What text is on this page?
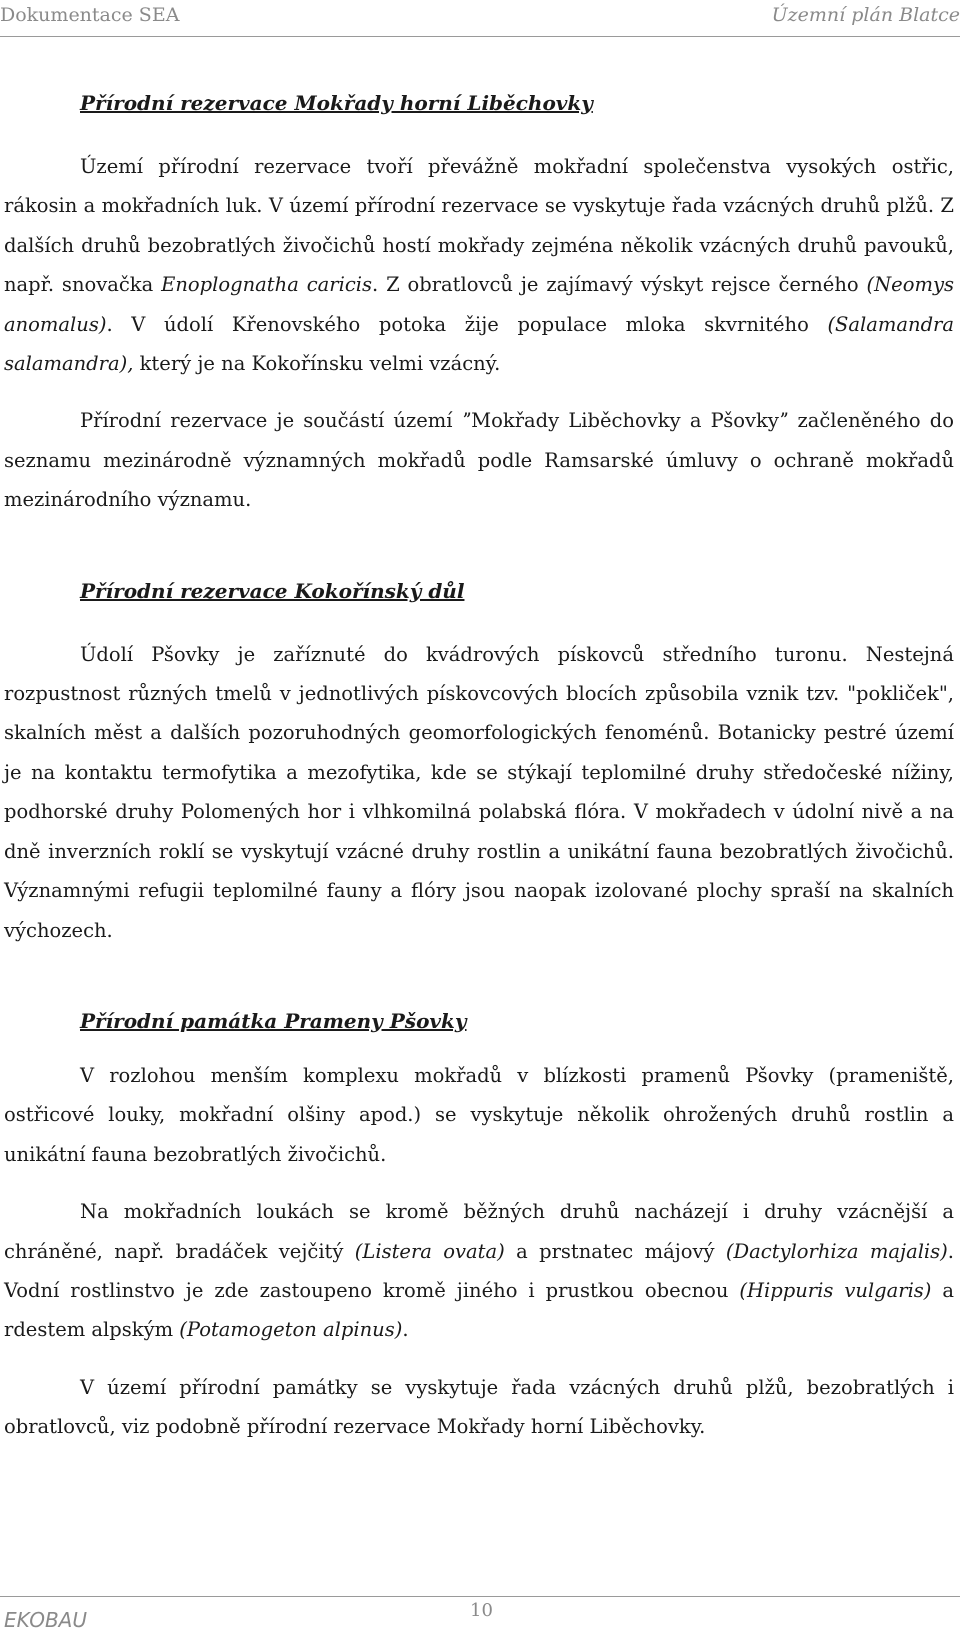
Dokumentace SEA	Územní plán Blatce
Přírodní rezervace Mokřady horní Liběchovky

Území přírodní rezervace tvoří převážně mokřadní společenstva vysokých ostřic, rákosin a mokřadních luk. V území přírodní rezervace se vyskytuje řada vzácných druhů plžů. Z dalších druhů bezobratlých živočichů hostí mokřady zejména několik vzácných druhů pavouků, např. snovačka Enoplognatha caricis. Z obratlovců je zajímavý výskyt rejsce černého (Neomys anomalus). V údolí Křenovského potoka žije populace mloka skvrnitého (Salamandra salamandra), který je na Kokořínsku velmi vzácný.

Přírodní rezervace je součástí území ˮMokřady Liběchovky a Pšovkyˮ začleněného do seznamu mezinárodně významných mokřadů podle Ramsarské úmluvy o ochraně mokřadů mezinárodního významu.

Přírodní rezervace Kokořínský důl

Údolí Pšovky je zaříznuté do kvádrových pískovců středního turonu. Nestejná rozpustnost různých tmelů v jednotlivých pískovcových blocích způsobila vznik tzv. "pokliček", skalních měst a dalších pozoruhodných geomorfologických fenoménů. Botanicky pestré území je na kontaktu termofytika a mezofytika, kde se stýkají teplomilné druhy středočeské nížiny, podhorské druhy Polomených hor i vlhkomilná polabská flóra. V mokřadech v údolní nivě a na dně inverzních roklí se vyskytují vzácné druhy rostlin a unikátní fauna bezobratlých živočichů. Významnými refugii teplomilné fauny a flóry jsou naopak izolované plochy spraší na skalních výchozech.

Přírodní památka Prameny Pšovky

V rozlohou menším komplexu mokřadů v blízkosti pramenů Pšovky (prameniště, ostřicové louky, mokřadní olšiny apod.) se vyskytuje několik ohrožených druhů rostlin a unikátní fauna bezobratlých živočichů.

Na mokřadních loukách se kromě běžných druhů nacházejí i druhy vzácnější a chráněné, např. bradáček vejčitý (Listera ovata) a prstnatec májový (Dactylorhiza majalis). Vodní rostlinstvo je zde zastoupeno kromě jiného i prustkou obecnou (Hippuris vulgaris) a rdestem alpským (Potamogeton alpinus).

V území přírodní památky se vyskytuje řada vzácných druhů plžů, bezobratlých i obratlovců, viz podobně přírodní rezervace Mokřady horní Liběchovky.

EKOBAU	10
